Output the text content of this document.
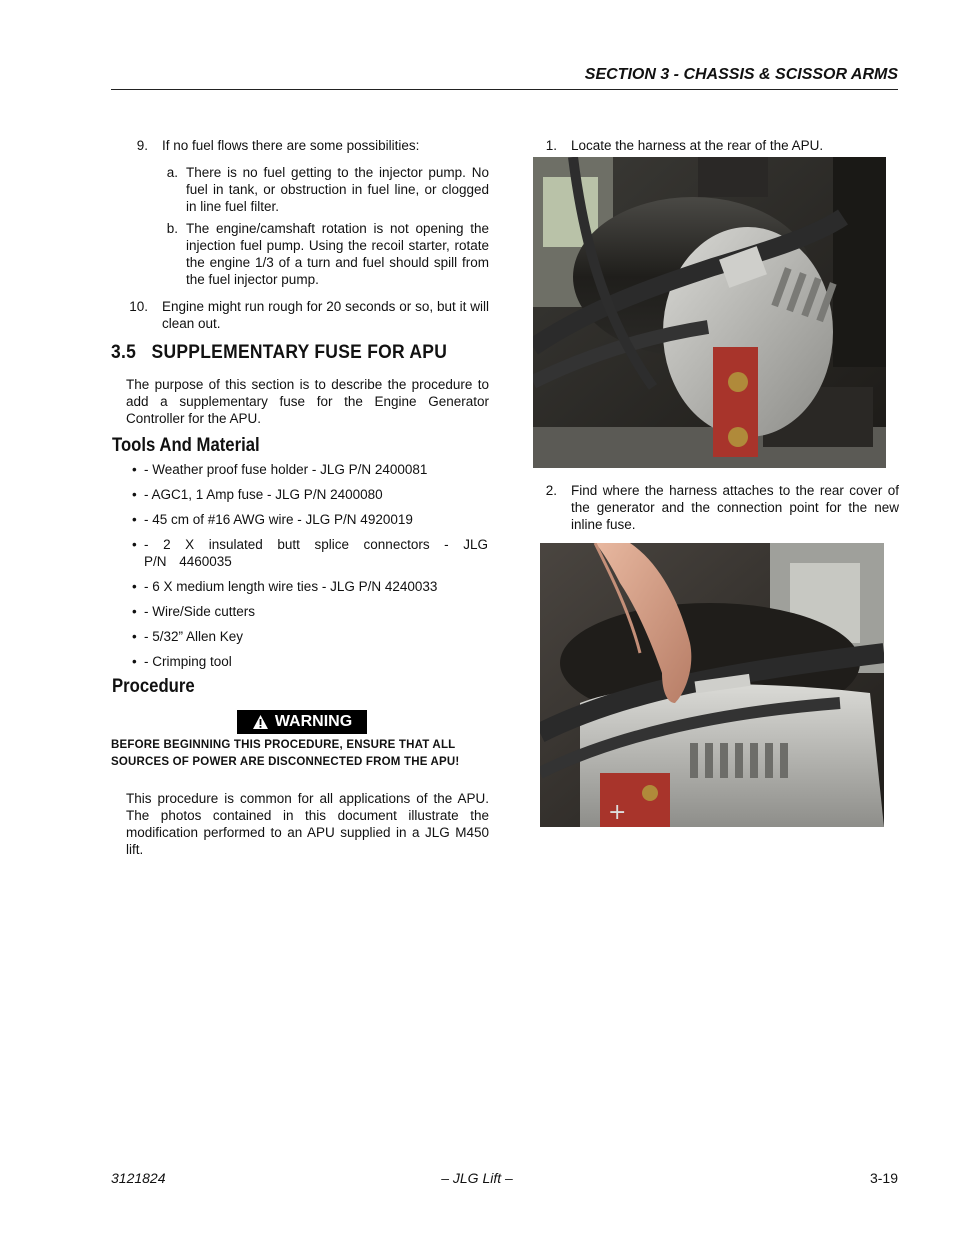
SECTION 3 - CHASSIS & SCISSOR ARMS
9. If no fuel flows there are some possibilities:
a. There is no fuel getting to the injector pump. No fuel in tank, or obstruction in fuel line, or clogged in line fuel filter.
b. The engine/camshaft rotation is not opening the injection fuel pump. Using the recoil starter, rotate the engine 1/3 of a turn and fuel should spill from the fuel injector pump.
10. Engine might run rough for 20 seconds or so, but it will clean out.
3.5   SUPPLEMENTARY FUSE FOR APU
The purpose of this section is to describe the procedure to add a supplementary fuse for the Engine Generator Controller for the APU.
Tools And Material
• - Weather proof fuse holder - JLG P/N 2400081
• - AGC1, 1 Amp fuse - JLG P/N 2400080
• - 45 cm of #16 AWG wire - JLG P/N 4920019
• - 2 X insulated butt splice connectors - JLG P/N 4460035
• - 6 X medium length wire ties - JLG P/N 4240033
• - Wire/Side cutters
• - 5/32” Allen Key
• - Crimping tool
Procedure
WARNING
BEFORE BEGINNING THIS PROCEDURE, ENSURE THAT ALL SOURCES OF POWER ARE DISCONNECTED FROM THE APU!
This procedure is common for all applications of the APU. The photos contained in this document illustrate the modification performed to an APU supplied in a JLG M450 lift.
1. Locate the harness at the rear of the APU.
2. Find where the harness attaches to the rear cover of the generator and the connection point for the new inline fuse.
+
3121824	– JLG Lift –	3-19
